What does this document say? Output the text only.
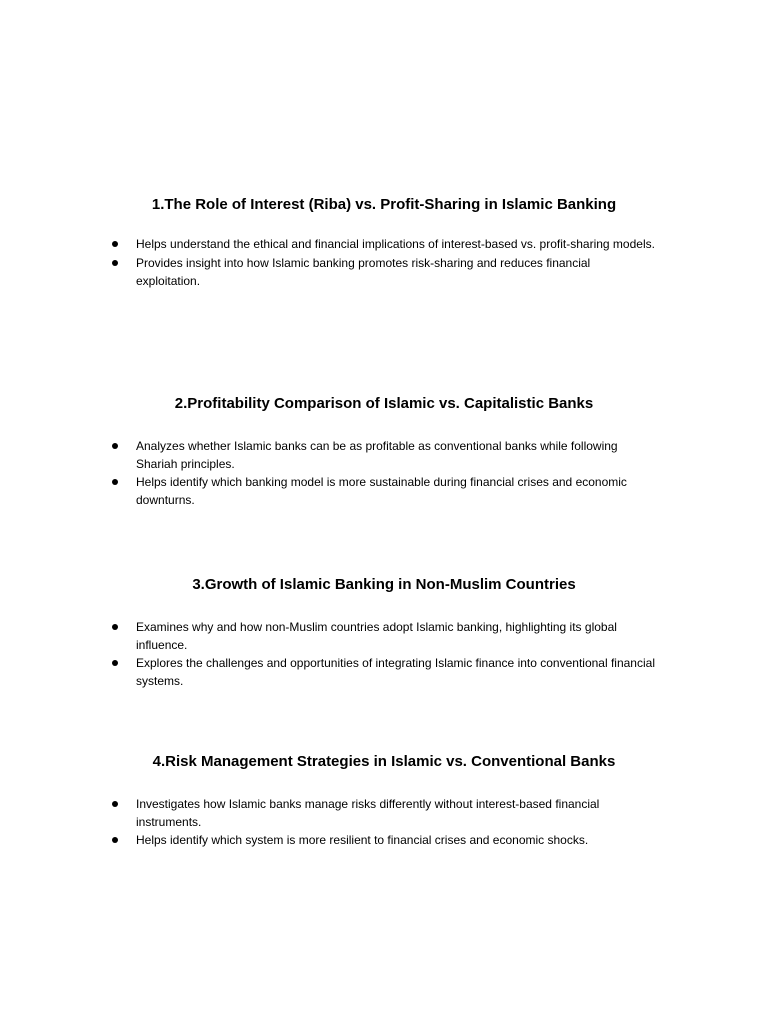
1.The Role of Interest (Riba) vs. Profit-Sharing in Islamic Banking
Helps understand the ethical and financial implications of interest-based vs. profit-sharing models.
Provides insight into how Islamic banking promotes risk-sharing and reduces financial exploitation.
2.Profitability Comparison of Islamic vs. Capitalistic Banks
Analyzes whether Islamic banks can be as profitable as conventional banks while following Shariah principles.
Helps identify which banking model is more sustainable during financial crises and economic downturns.
3.Growth of Islamic Banking in Non-Muslim Countries
Examines why and how non-Muslim countries adopt Islamic banking, highlighting its global influence.
Explores the challenges and opportunities of integrating Islamic finance into conventional financial systems.
4.Risk Management Strategies in Islamic vs. Conventional Banks
Investigates how Islamic banks manage risks differently without interest-based financial instruments.
Helps identify which system is more resilient to financial crises and economic shocks.
